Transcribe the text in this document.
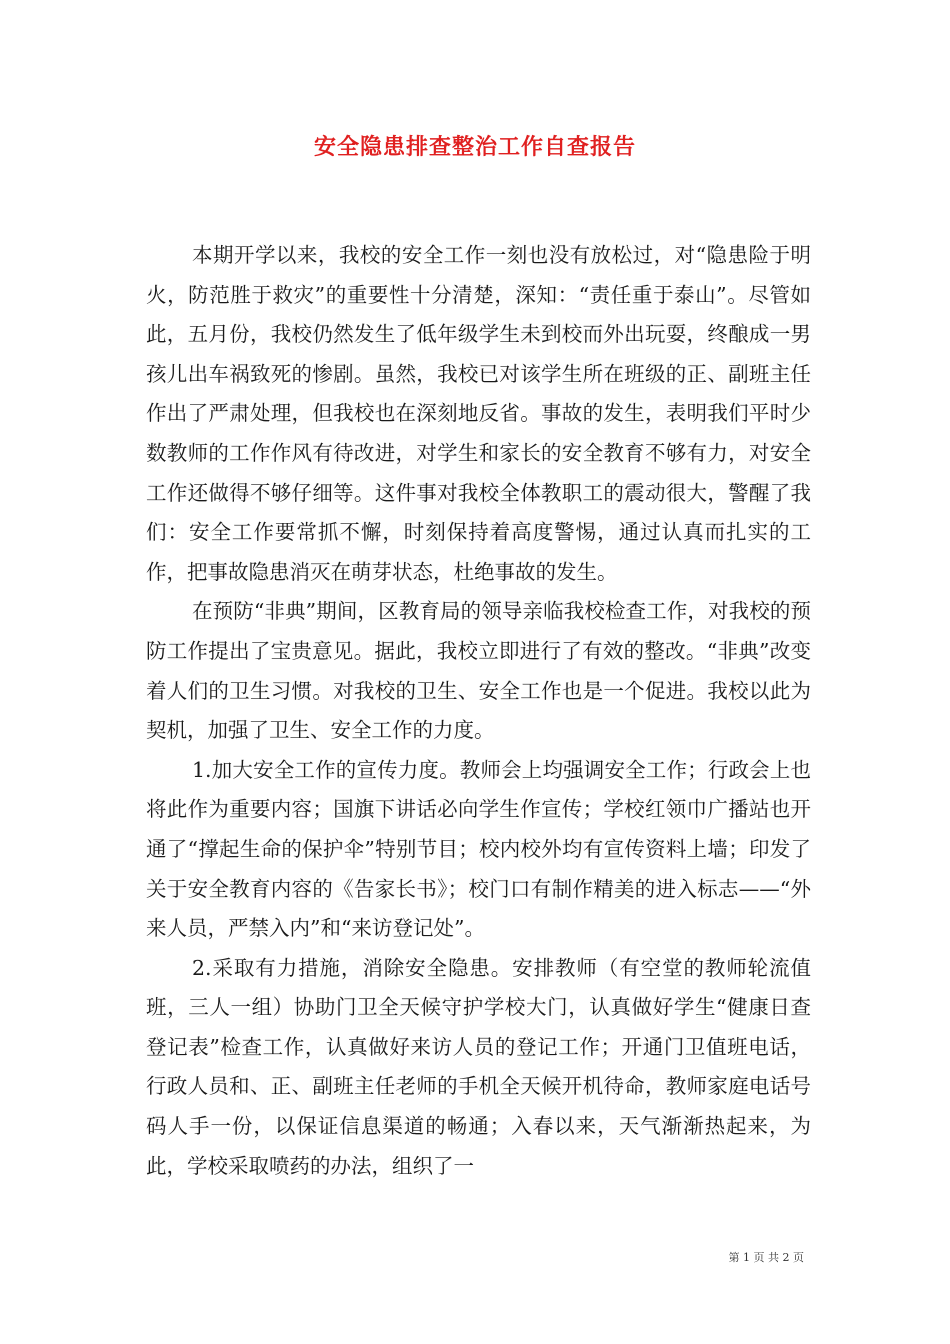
安全隐患排查整治工作自查报告

本期开学以来，我校的安全工作一刻也没有放松过，对“隐患险于明火，防范胜于救灾”的重要性十分清楚，深知：“责任重于泰山”。尽管如此，五月份，我校仍然发生了低年级学生未到校而外出玩耍，终酿成一男孩儿出车祸致死的惨剧。虽然，我校已对该学生所在班级的正、副班主任作出了严肃处理，但我校也在深刻地反省。事故的发生，表明我们平时少数教师的工作作风有待改进，对学生和家长的安全教育不够有力，对安全工作还做得不够仔细等。这件事对我校全体教职工的震动很大，警醒了我们：安全工作要常抓不懈，时刻保持着高度警惕，通过认真而扎实的工作，把事故隐患消灭在萌芽状态，杜绝事故的发生。

在预防“非典”期间，区教育局的领导亲临我校检查工作，对我校的预防工作提出了宝贵意见。据此，我校立即进行了有效的整改。“非典”改变着人们的卫生习惯。对我校的卫生、安全工作也是一个促进。我校以此为契机，加强了卫生、安全工作的力度。

1.加大安全工作的宣传力度。教师会上均强调安全工作；行政会上也将此作为重要内容；国旗下讲话必向学生作宣传；学校红领巾广播站也开通了“撑起生命的保护伞”特别节目；校内校外均有宣传资料上墙；印发了关于安全教育内容的《告家长书》；校门口有制作精美的进入标志——“外来人员，严禁入内”和“来访登记处”。

2.采取有力措施，消除安全隐患。安排教师（有空堂的教师轮流值班，三人一组）协助门卫全天候守护学校大门，认真做好学生“健康日查登记表”检查工作，认真做好来访人员的登记工作；开通门卫值班电话，行政人员和、正、副班主任老师的手机全天候开机待命，教师家庭电话号码人手一份，以保证信息渠道的畅通；入春以来，天气渐渐热起来，为此，学校采取喷药的办法，组织了一

第 1 页 共 2 页
